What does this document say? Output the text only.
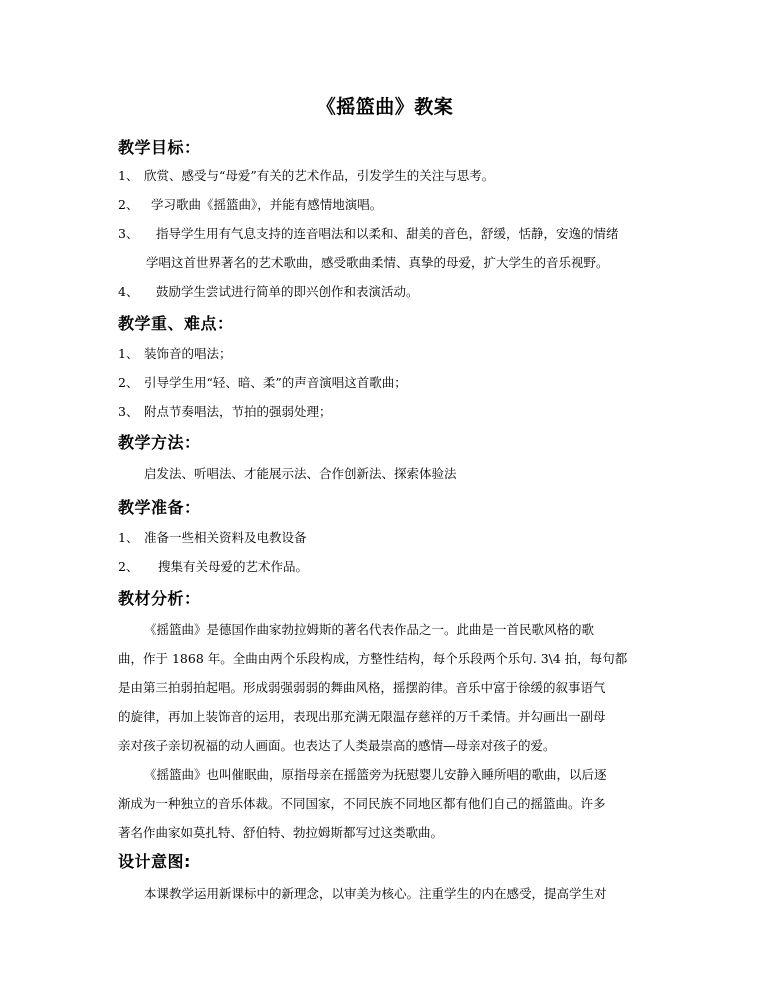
《摇篮曲》教案
教学目标：
1、 欣赏、感受与“母爱”有关的艺术作品，引发学生的关注与思考。
2、 学习歌曲《摇篮曲》，并能有感情地演唱。
3、 指导学生用有气息支持的连音唱法和以柔和、甜美的音色，舒缓，恬静，安逸的情绪
学唱这首世界著名的艺术歌曲，感受歌曲柔情、真挚的母爱，扩大学生的音乐视野。
4、 鼓励学生尝试进行简单的即兴创作和表演活动。
教学重、难点：
1、 装饰音的唱法；
2、 引导学生用“轻、暗、柔”的声音演唱这首歌曲；
3、 附点节奏唱法，节拍的强弱处理；
教学方法：
启发法、听唱法、才能展示法、合作创新法、探索体验法
教学准备：
1、 准备一些相关资料及电教设备
2、 搜集有关母爱的艺术作品。
教材分析：
《摇篮曲》是德国作曲家勃拉姆斯的著名代表作品之一。此曲是一首民歌风格的歌
曲，作于 1868 年。全曲由两个乐段构成，方整性结构，每个乐段两个乐句. 3\4 拍，每句都
是由第三拍弱拍起唱。形成弱强弱弱的舞曲风格，摇摆韵律。音乐中富于徐缓的叙事语气
的旋律，再加上装饰音的运用，表现出那充满无限温存慈祥的万千柔情。并勾画出一副母
亲对孩子亲切祝福的动人画面。也表达了人类最崇高的感情—母亲对孩子的爱。
《摇篮曲》也叫催眠曲，原指母亲在摇篮旁为抚慰婴儿安静入睡所唱的歌曲，以后逐
渐成为一种独立的音乐体裁。不同国家，不同民族不同地区都有他们自己的摇篮曲。许多
著名作曲家如莫扎特、舒伯特、勃拉姆斯都写过这类歌曲。
设计意图:
本课教学运用新课标中的新理念，以审美为核心。注重学生的内在感受，提高学生对
